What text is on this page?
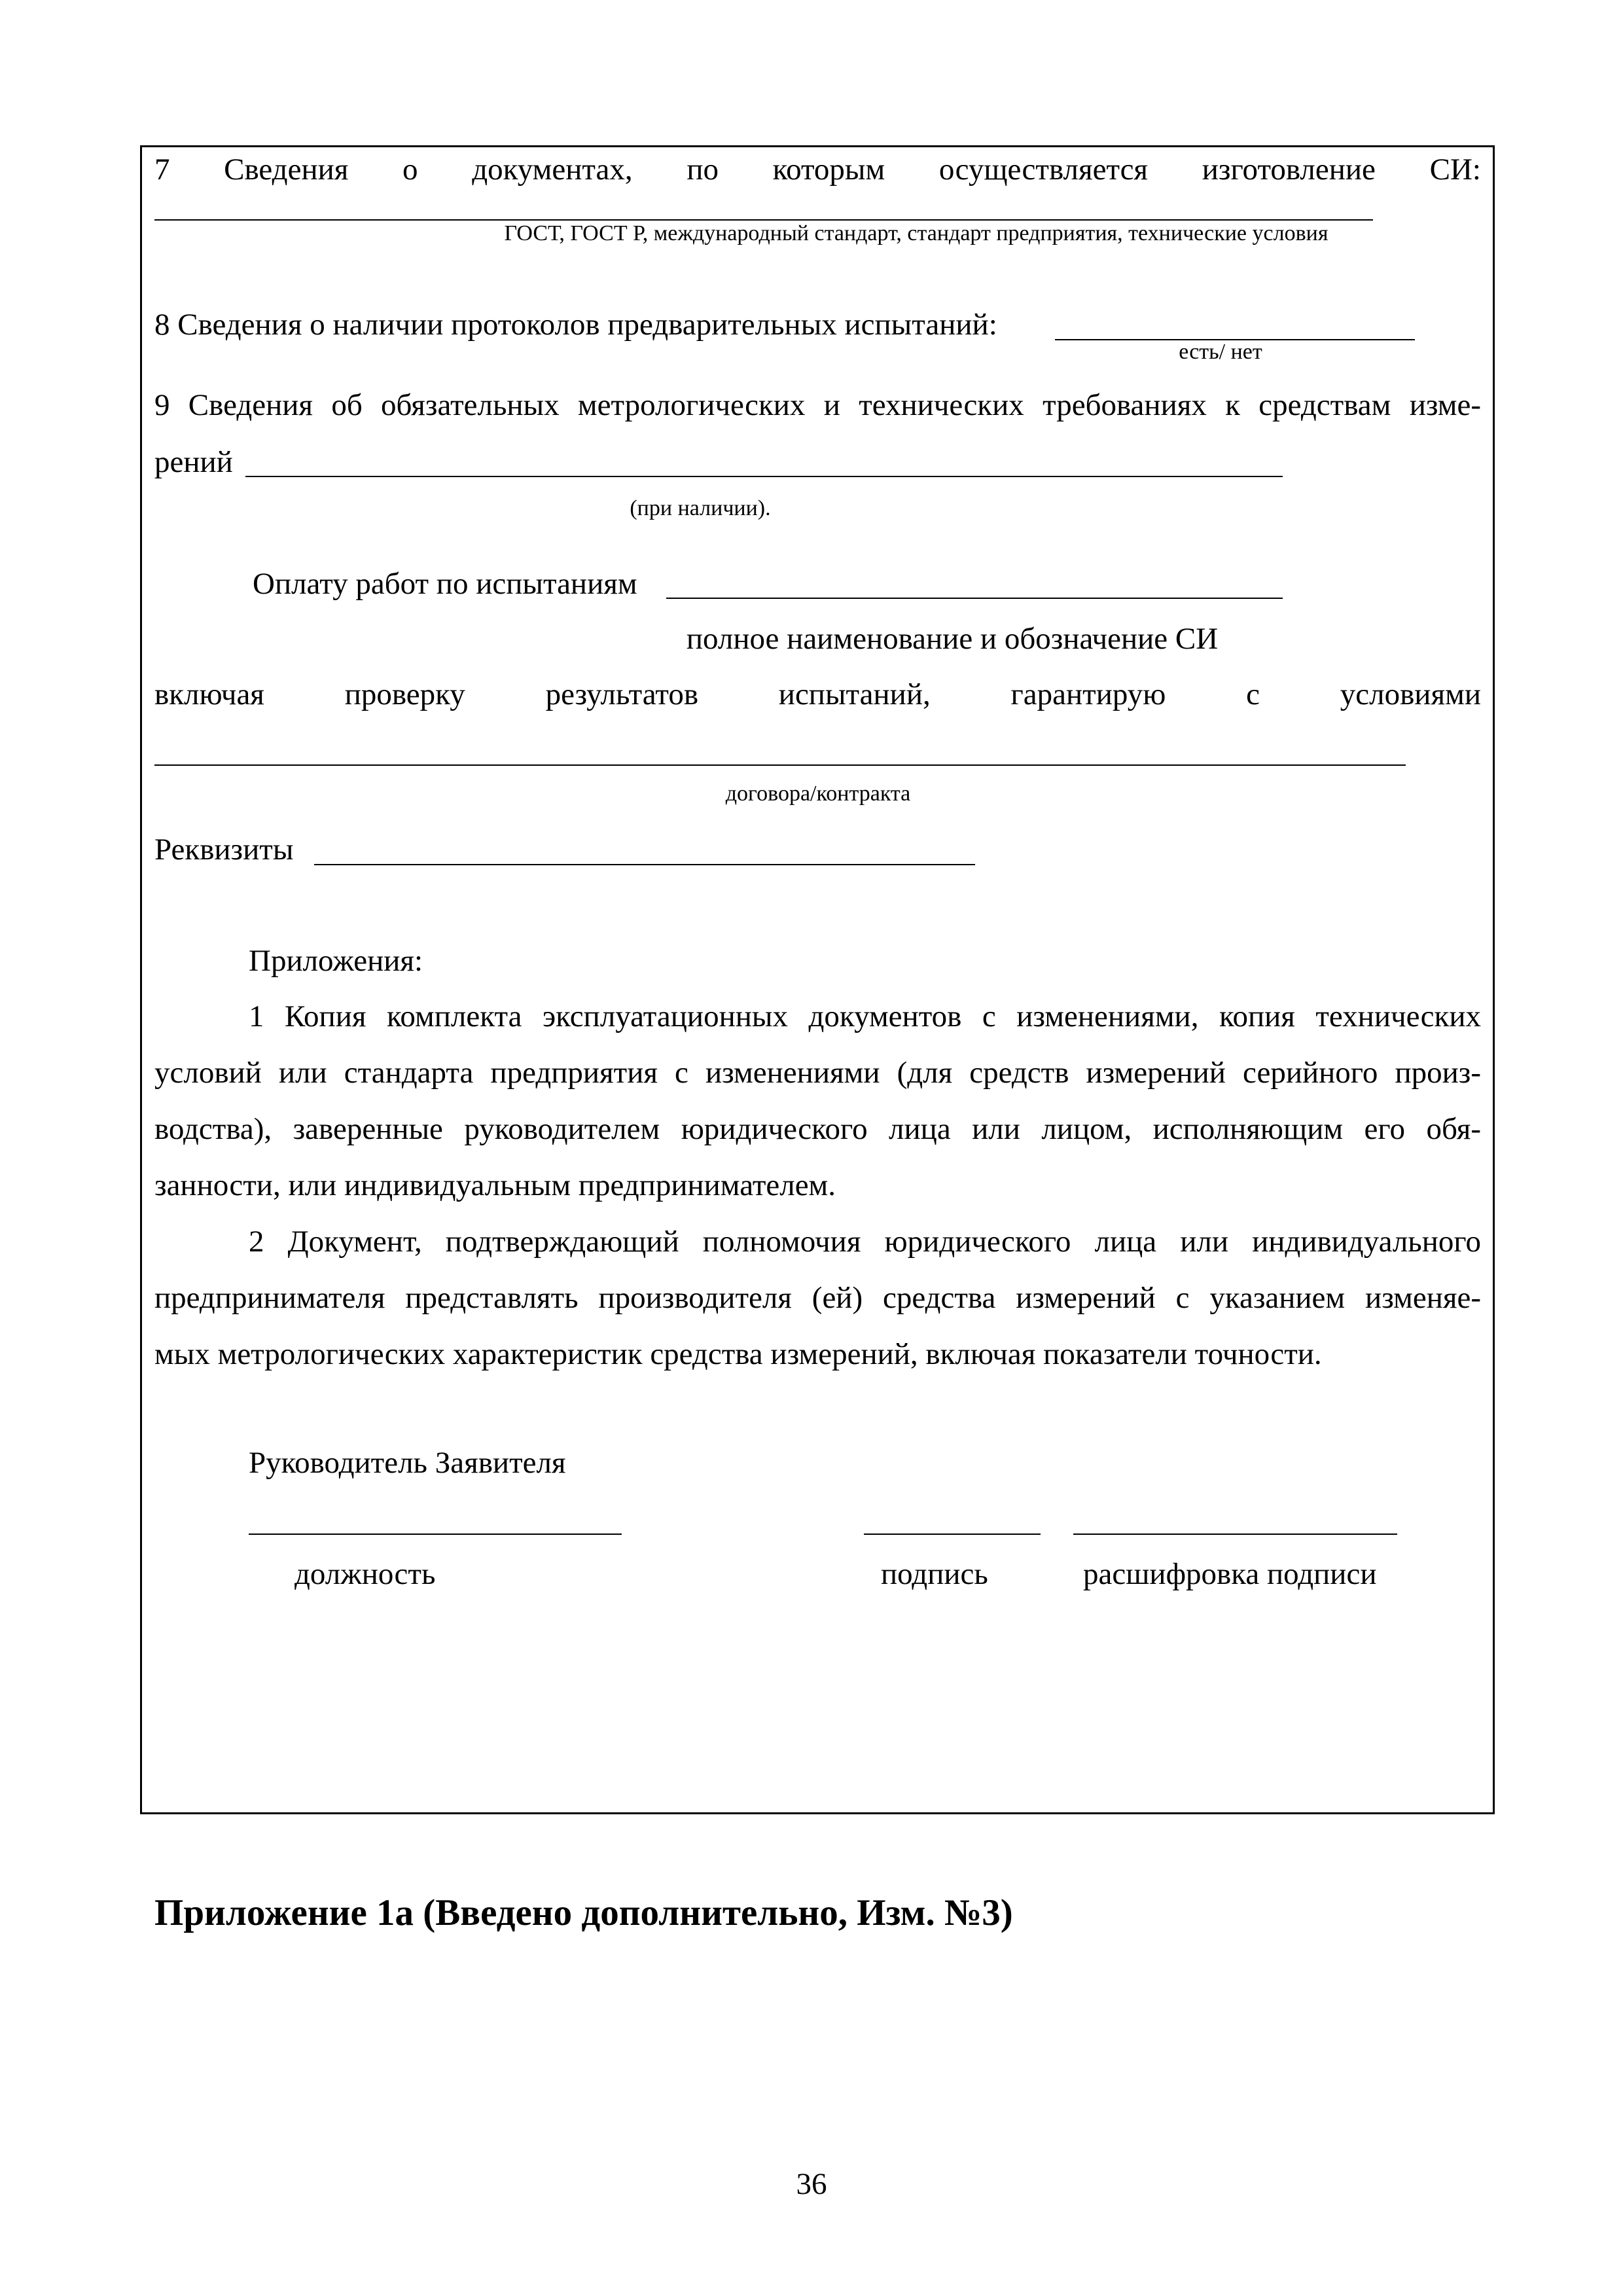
7 Сведения о документах, по которым осуществляется изготовление СИ:
ГОСТ, ГОСТ Р, международный стандарт, стандарт предприятия, технические условия
8 Сведения о наличии протоколов предварительных испытаний:
есть/ нет
9 Сведения об обязательных метрологических и технических требованиях к средствам изме-
рений
(при наличии).
Оплату работ по испытаниям
полное наименование и обозначение СИ
включая	проверку	результатов	испытаний,	гарантирую	с	условиями
договора/контракта
Реквизиты
Приложения:
1 Копия комплекта эксплуатационных документов с изменениями, копия технических
условий или стандарта предприятия с изменениями (для средств измерений серийного произ-
водства), заверенные руководителем юридического лица или лицом, исполняющим его обя-
занности, или индивидуальным предпринимателем.
2 Документ, подтверждающий полномочия юридического лица или индивидуального
предпринимателя представлять производителя (ей) средства измерений с указанием изменяе-
мых метрологических характеристик средства измерений, включая показатели точности.
Руководитель Заявителя
должность	подпись	расшифровка подписи
Приложение 1а (Введено дополнительно, Изм. №3)
36
